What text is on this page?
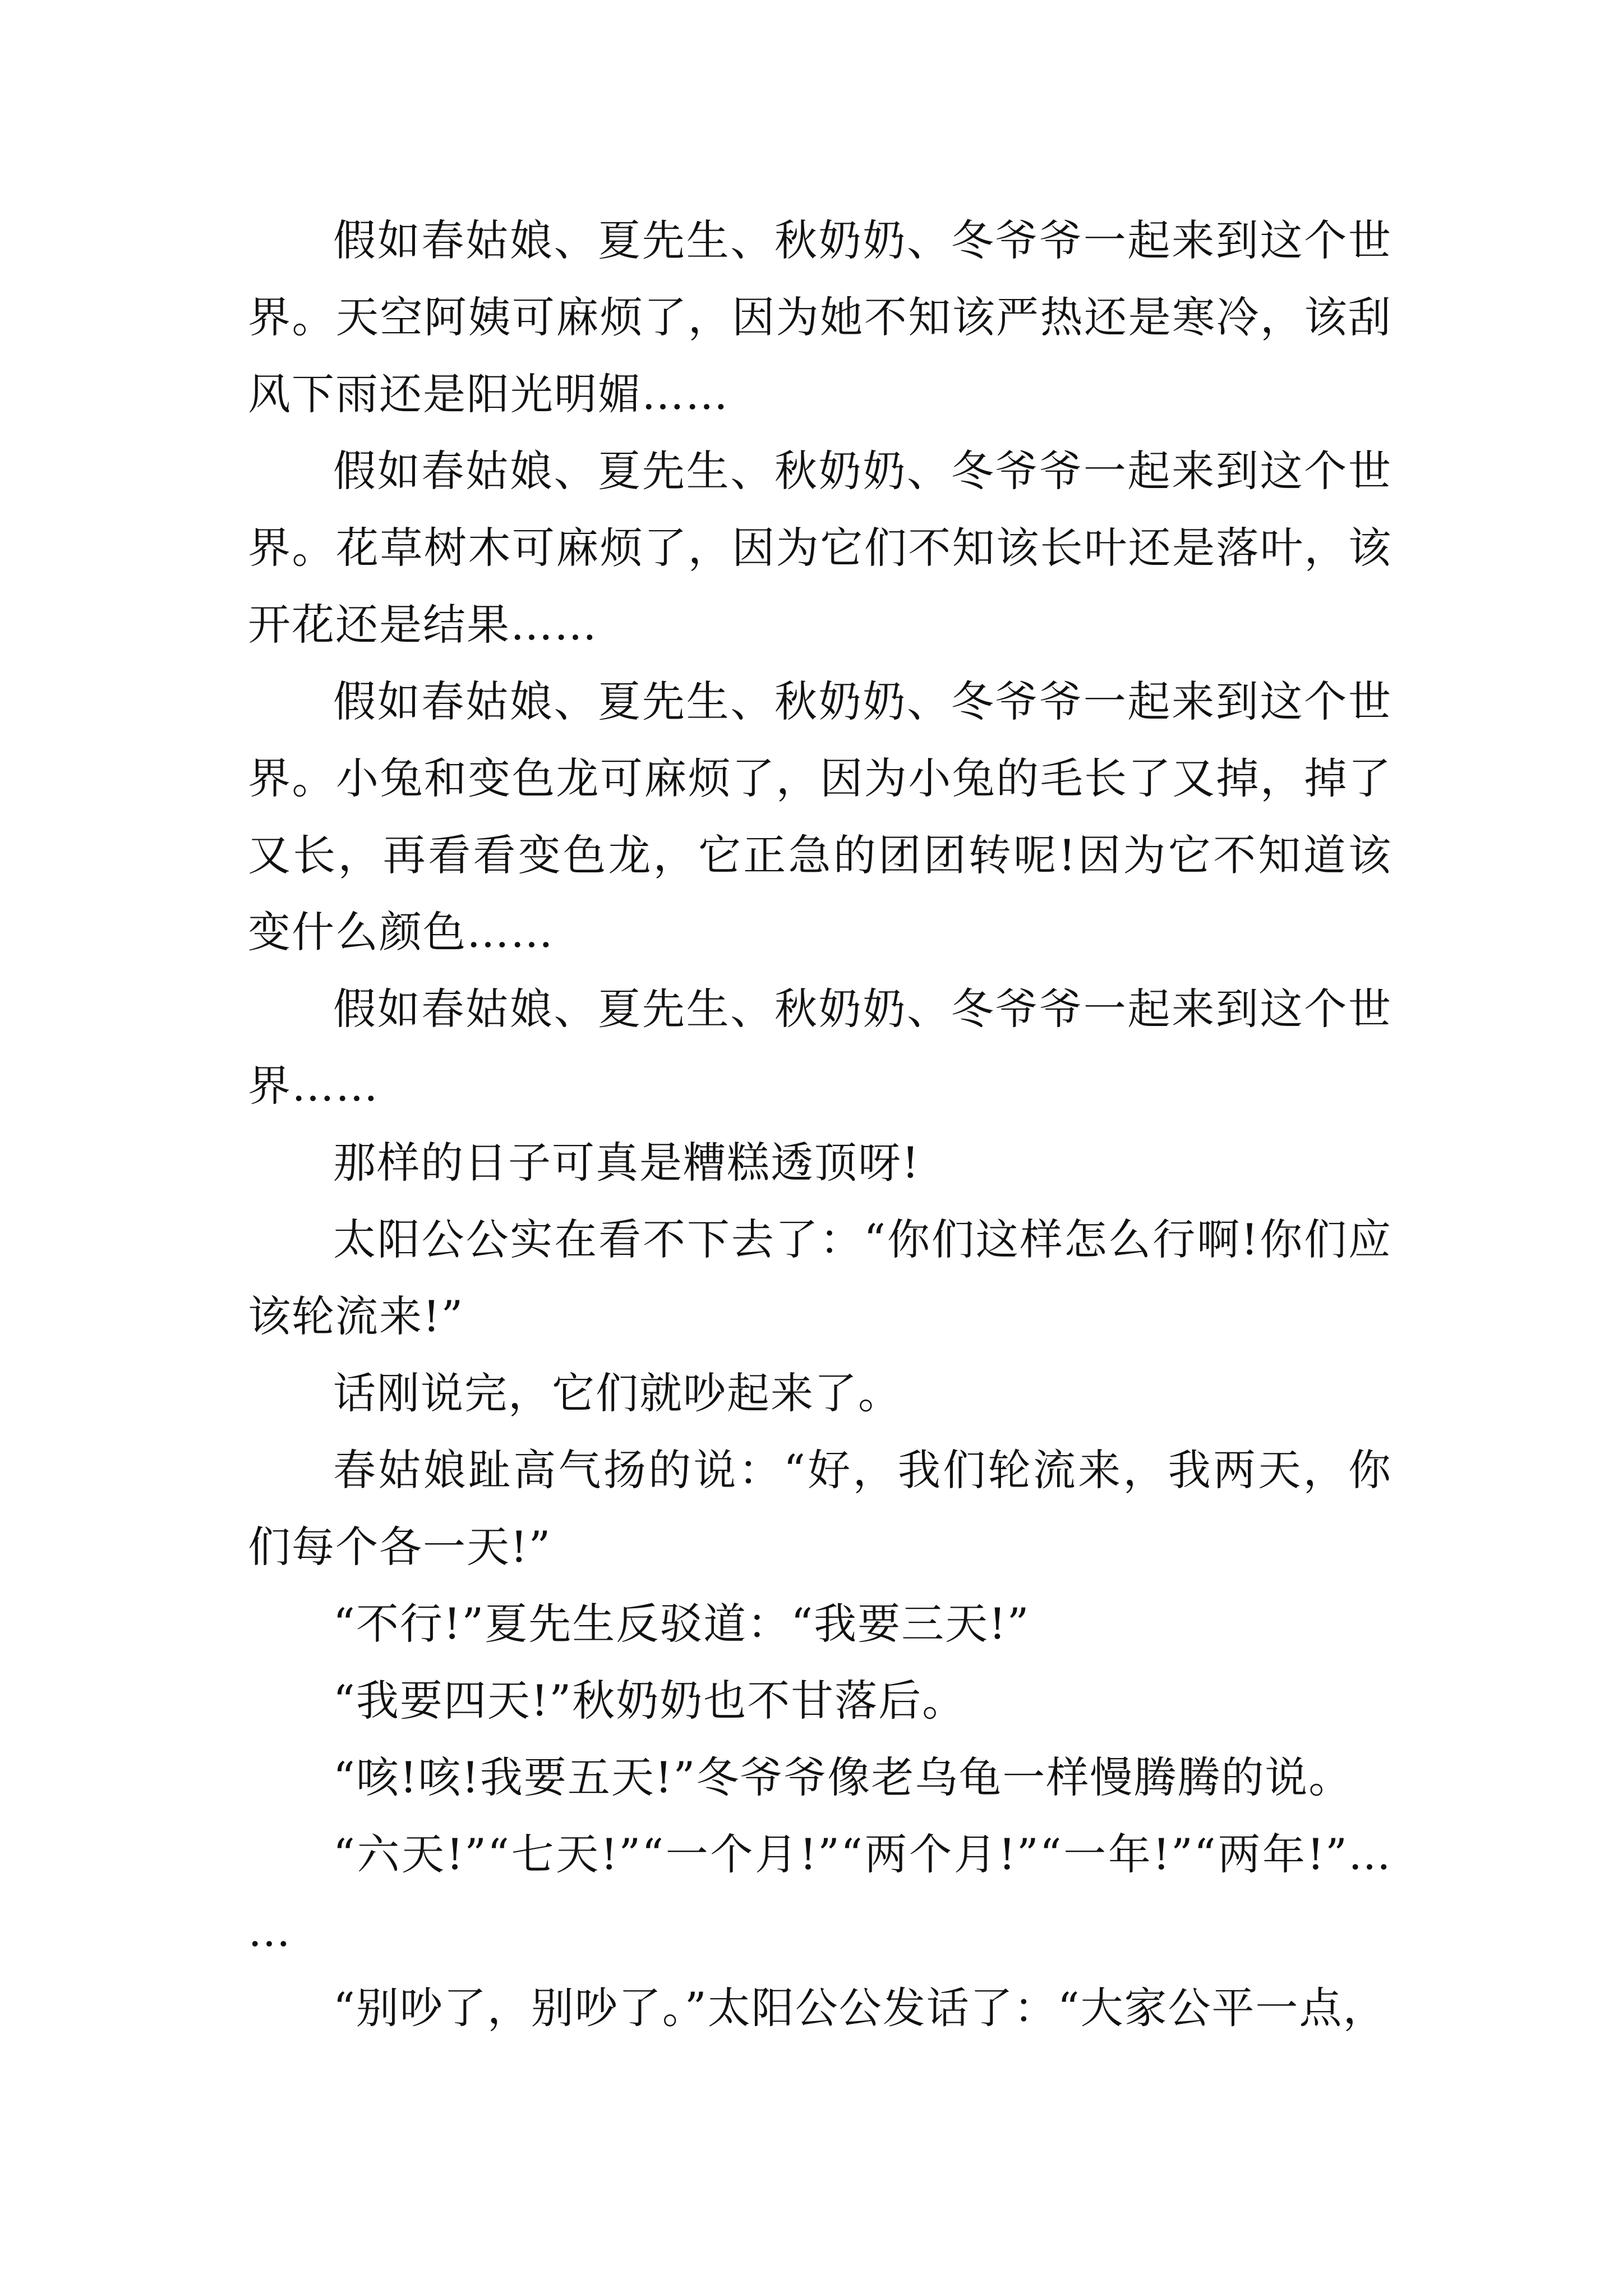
假如春姑娘、夏先生、秋奶奶、冬爷爷一起来到这个世界。天空阿姨可麻烦了，因为她不知该严热还是寒冷，该刮风下雨还是阳光明媚……

假如春姑娘、夏先生、秋奶奶、冬爷爷一起来到这个世界。花草树木可麻烦了，因为它们不知该长叶还是落叶，该开花还是结果……

假如春姑娘、夏先生、秋奶奶、冬爷爷一起来到这个世界。小兔和变色龙可麻烦了，因为小兔的毛长了又掉，掉了又长，再看看变色龙，它正急的团团转呢!因为它不知道该变什么颜色……

假如春姑娘、夏先生、秋奶奶、冬爷爷一起来到这个世界……

那样的日子可真是糟糕透顶呀!

太阳公公实在看不下去了：“你们这样怎么行啊!你们应该轮流来!”

话刚说完，它们就吵起来了。

春姑娘趾高气扬的说：“好，我们轮流来，我两天，你们每个各一天!”

“不行!”夏先生反驳道：“我要三天!”

“我要四天!”秋奶奶也不甘落后。

“咳!咳!我要五天!”冬爷爷像老乌龟一样慢腾腾的说。

“六天!”“七天!”“一个月!”“两个月!”“一年!”“两年!”……

“别吵了，别吵了。”太阳公公发话了：“大家公平一点，
